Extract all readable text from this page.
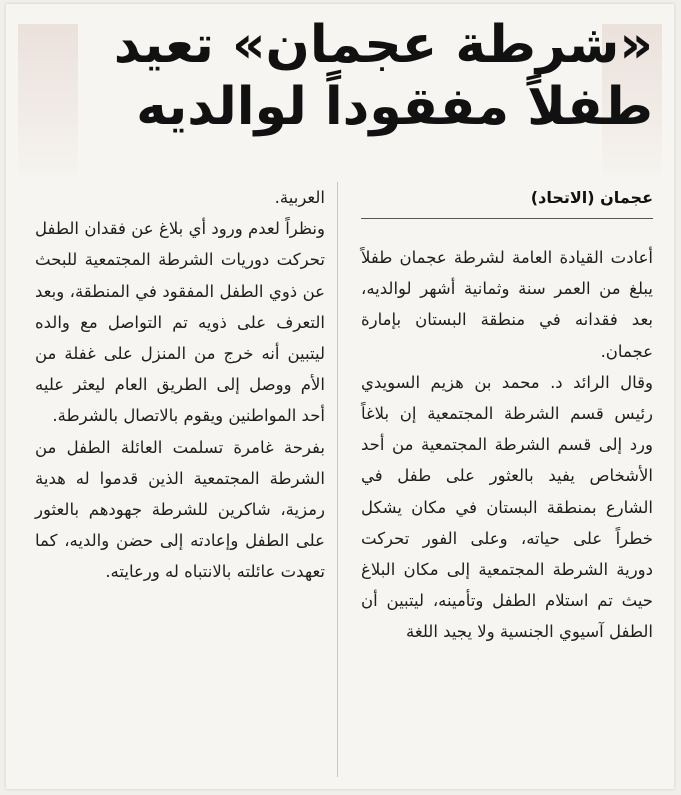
«شرطة عجمان» تعيد
طفلاً مفقوداً لوالديه
عجمان (الاتحاد)

أعادت القيادة العامة لشرطة عجمان طفلاً يبلغ من العمر سنة وثمانية أشهر لوالديه، بعد فقدانه في منطقة البستان بإمارة عجمان.

وقال الرائد د. محمد بن هزيم السويدي رئيس قسم الشرطة المجتمعية إن بلاغاً ورد إلى قسم الشرطة المجتمعية من أحد الأشخاص يفيد بالعثور على طفل في الشارع بمنطقة البستان في مكان يشكل خطراً على حياته، وعلى الفور تحركت دورية الشرطة المجتمعية إلى مكان البلاغ حيث تم استلام الطفل وتأمينه، ليتبين أن الطفل آسيوي الجنسية ولا يجيد اللغة

العربية.

ونظراً لعدم ورود أي بلاغ عن فقدان الطفل تحركت دوريات الشرطة المجتمعية للبحث عن ذوي الطفل المفقود في المنطقة، وبعد التعرف على ذويه تم التواصل مع والده ليتبين أنه خرج من المنزل على غفلة من الأم ووصل إلى الطريق العام ليعثر عليه أحد المواطنين ويقوم بالاتصال بالشرطة.

بفرحة غامرة تسلمت العائلة الطفل من الشرطة المجتمعية الذين قدموا له هدية رمزية، شاكرين للشرطة جهودهم بالعثور على الطفل وإعادته إلى حضن والديه، كما تعهدت عائلته بالانتباه له ورعايته.
